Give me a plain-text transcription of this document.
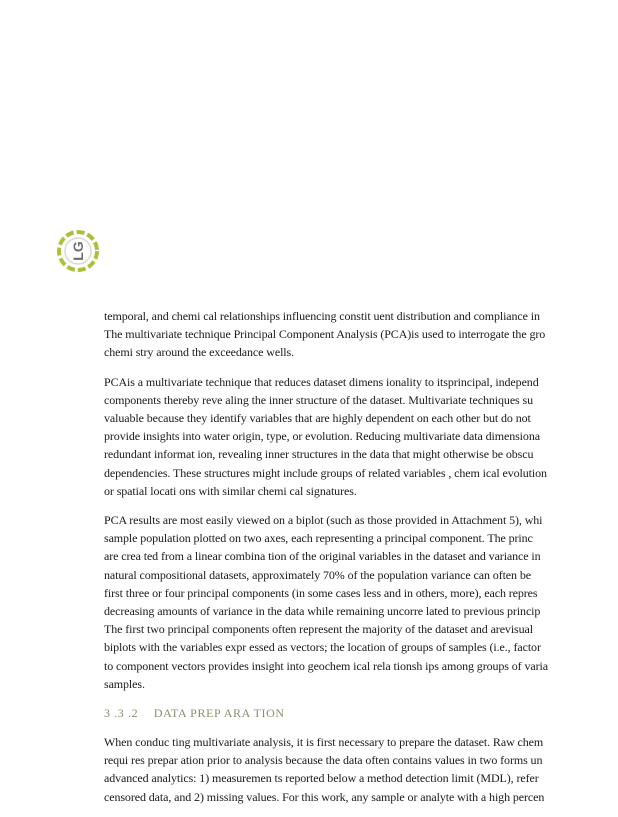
LG

temporal, and chemi cal relationships influencing constit uent distribution and compliance in
The multivariate technique Principal Component Analysis (PCA)is used to interrogate the gro
chemi stry around the exceedance wells.

PCAis a multivariate technique that reduces dataset dimens ionality to itsprincipal, independ
components thereby reve aling the inner structure of the dataset. Multivariate techniques su
valuable because they identify variables that are highly dependent on each other but do not
provide insights into water origin, type, or evolution. Reducing multivariate data dimensiona
redundant informat ion, revealing inner structures in the data that might otherwise be obscu
dependencies. These structures might include groups of related variables , chem ical evolution
or spatial locati ons with similar chemi cal signatures.

PCA results are most easily viewed on a biplot (such as those provided in Attachment 5), whi
sample population plotted on two axes, each representing a principal component. The princ
are crea ted from a linear combina tion of the original variables in the dataset and variance in
natural compositional datasets, approximately 70% of the population variance can often be
first three or four principal components (in some cases less and in others, more), each repres
decreasing amounts of variance in the data while remaining uncorre lated to previous princip
The first two principal components often represent the majority of the dataset and arevisual
biplots with the variables expr essed as vectors; the location of groups of samples (i.e., factor
to component vectors provides insight into geochem ical rela tionsh ips among groups of varia
samples.

3 .3 .2 DATA PREP ARA TION

When conduc ting multivariate analysis, it is first necessary to prepare the dataset. Raw chem
requi res prepar ation prior to analysis because the data often contains values in two forms un
advanced analytics: 1) measuremen ts reported below a method detection limit (MDL), refer
censored data, and 2) missing values. For this work, any sample or analyte with a high percen
